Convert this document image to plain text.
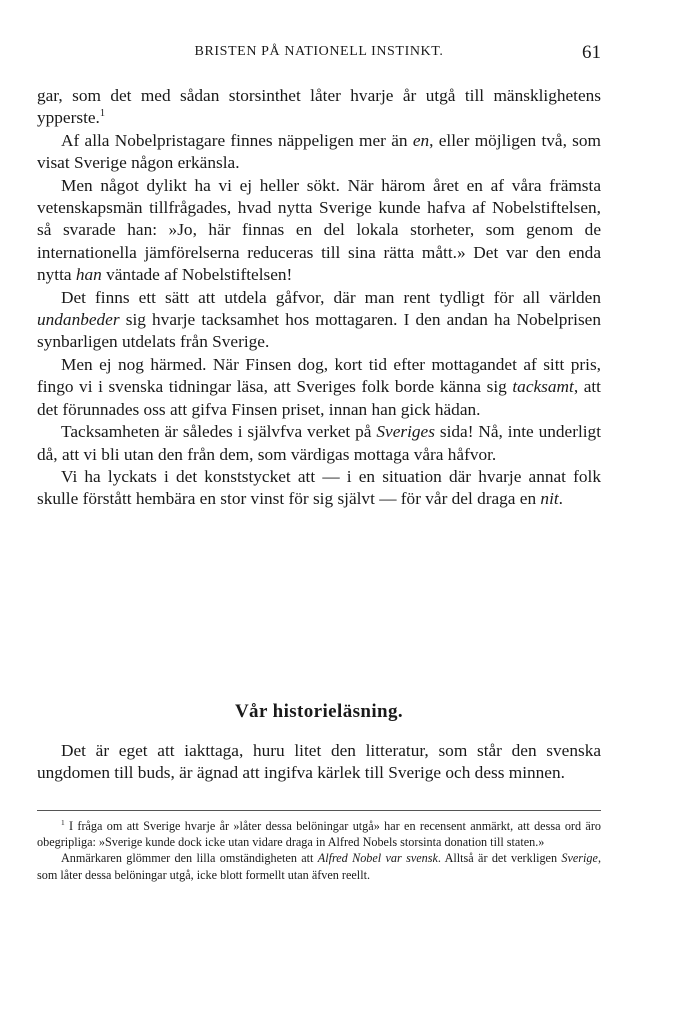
BRISTEN PÅ NATIONELL INSTINKT.	61

gar, som det med sådan storsinthet låter hvarje år utgå till mänsklighetens ypperste.$^1$

Af alla Nobelpristagare finnes näppeligen mer än en, eller möjligen två, som visat Sverige någon erkänsla.

Men något dylikt ha vi ej heller sökt. När härom året en af våra främsta vetenskapsmän tillfrågades, hvad nytta Sverige kunde hafva af Nobelstiftelsen, så svarade han: »Jo, här finnas en del lokala storheter, som genom de internationella jämförelserna reduceras till sina rätta mått.» Det var den enda nytta han väntade af Nobelstiftelsen!

Det finns ett sätt att utdela gåfvor, där man rent tydligt för all världen undanbeder sig hvarje tacksamhet hos mottagaren. I den andan ha Nobelprisen synbarligen utdelats från Sverige.

Men ej nog härmed. När Finsen dog, kort tid efter mottagandet af sitt pris, fingo vi i svenska tidningar läsa, att Sveriges folk borde känna sig tacksamt, att det förunnades oss att gifva Finsen priset, innan han gick hädan.

Tacksamheten är således i självfva verket på Sveriges sida! Nå, inte underligt då, att vi bli utan den från dem, som värdigas mottaga våra håfvor.

Vi ha lyckats i det konststycket att — i en situation där hvarje annat folk skulle förstått hembära en stor vinst för sig självt — för vår del draga en nit.

Vår historieläsning.

Det är eget att iakttaga, huru litet den litteratur, som står den svenska ungdomen till buds, är ägnad att ingifva kärlek till Sverige och dess minnen.

$^1$ I fråga om att Sverige hvarje år »låter dessa belöningar utgå» har en recensent anmärkt, att dessa ord äro obegripliga: »Sverige kunde dock icke utan vidare draga in Alfred Nobels storsinta donation till staten.»

Anmärkaren glömmer den lilla omständigheten att Alfred Nobel var svensk. Alltså är det verkligen Sverige, som låter dessa belöningar utgå, icke blott formellt utan äfven reellt.
